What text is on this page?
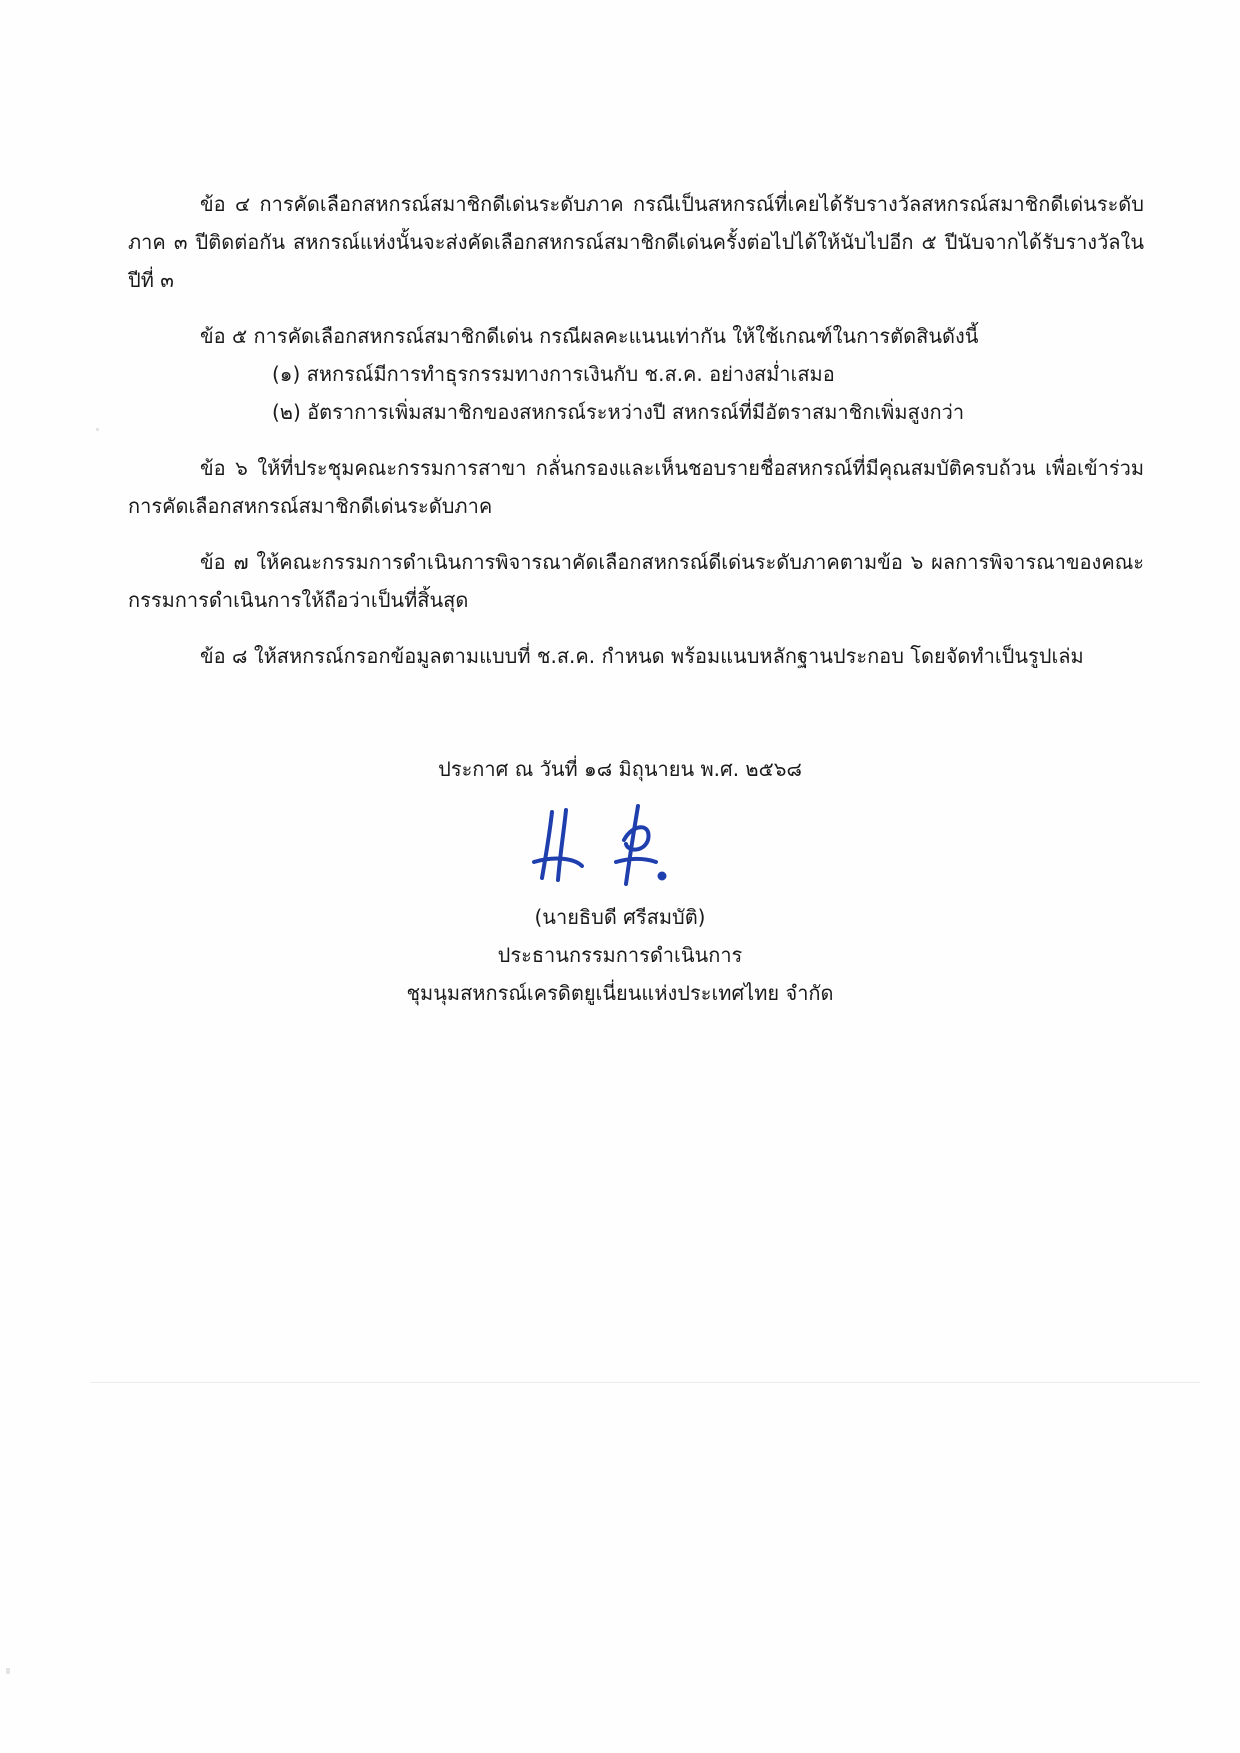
ข้อ ๔ การคัดเลือกสหกรณ์สมาชิกดีเด่นระดับภาค กรณีเป็นสหกรณ์ที่เคยได้รับรางวัลสหกรณ์สมาชิกดีเด่นระดับภาค ๓ ปีติดต่อกัน สหกรณ์แห่งนั้นจะส่งคัดเลือกสหกรณ์สมาชิกดีเด่นครั้งต่อไปได้ให้นับไปอีก ๕ ปีนับจากได้รับรางวัลในปีที่ ๓

ข้อ ๕ การคัดเลือกสหกรณ์สมาชิกดีเด่น กรณีผลคะแนนเท่ากัน ให้ใช้เกณฑ์ในการตัดสินดังนี้

(๑) สหกรณ์มีการทำธุรกรรมทางการเงินกับ ช.ส.ค. อย่างสม่ำเสมอ

(๒) อัตราการเพิ่มสมาชิกของสหกรณ์ระหว่างปี สหกรณ์ที่มีอัตราสมาชิกเพิ่มสูงกว่า

ข้อ ๖ ให้ที่ประชุมคณะกรรมการสาขา กลั่นกรองและเห็นชอบรายชื่อสหกรณ์ที่มีคุณสมบัติครบถ้วน เพื่อเข้าร่วมการคัดเลือกสหกรณ์สมาชิกดีเด่นระดับภาค

ข้อ ๗ ให้คณะกรรมการดำเนินการพิจารณาคัดเลือกสหกรณ์ดีเด่นระดับภาคตามข้อ ๖ ผลการพิจารณาของคณะกรรมการดำเนินการให้ถือว่าเป็นที่สิ้นสุด

ข้อ ๘ ให้สหกรณ์กรอกข้อมูลตามแบบที่ ช.ส.ค. กำหนด พร้อมแนบหลักฐานประกอบ โดยจัดทำเป็นรูปเล่ม

ประกาศ ณ วันที่ ๑๘ มิถุนายน พ.ศ. ๒๕๖๘
(นายธิบดี ศรีสมบัติ)
ประธานกรรมการดำเนินการ
ชุมนุมสหกรณ์เครดิตยูเนี่ยนแห่งประเทศไทย จำกัด
